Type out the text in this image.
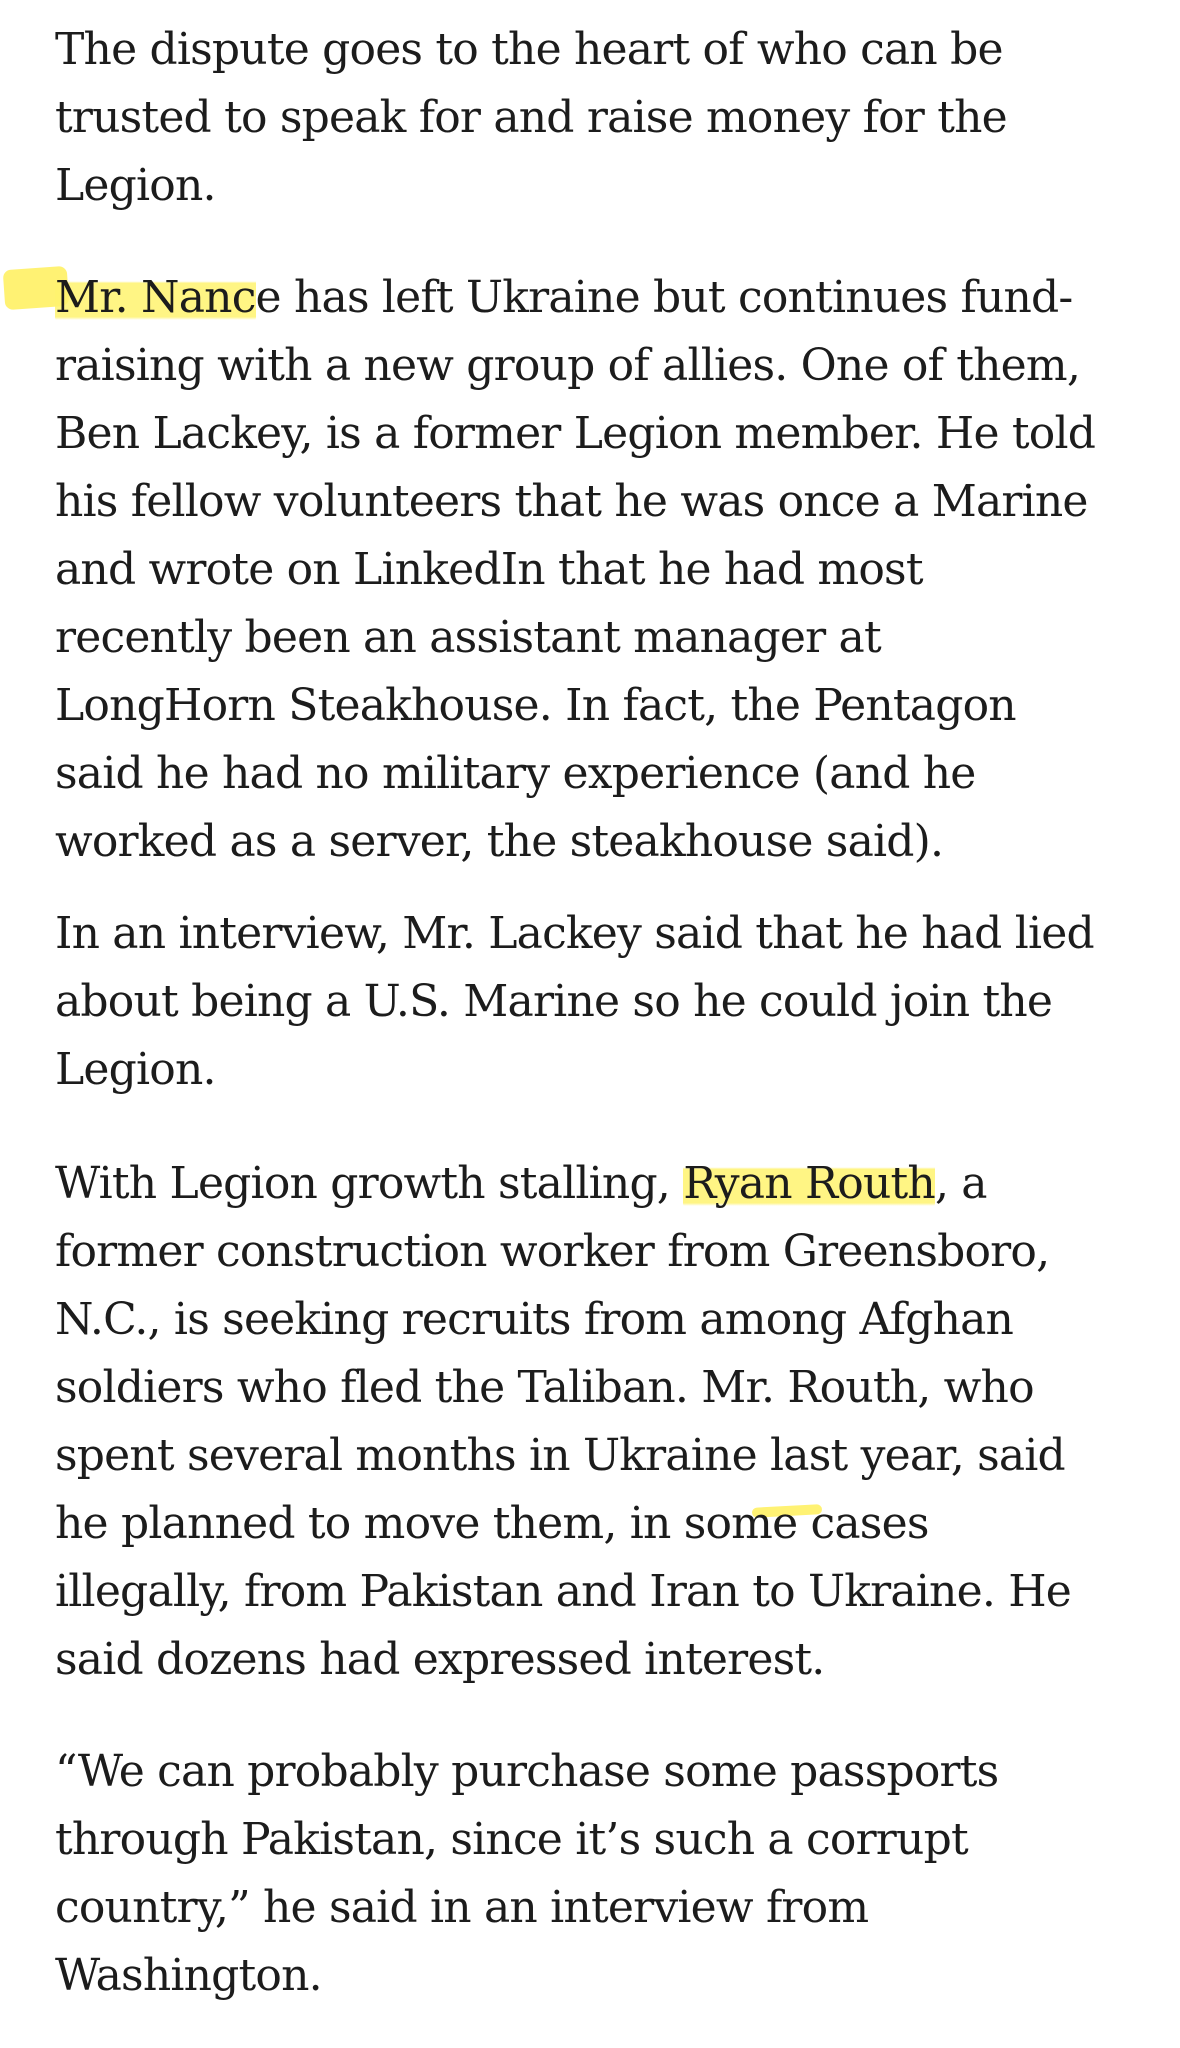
The dispute goes to the heart of who can be
trusted to speak for and raise money for the
Legion.

Mr. Nance has left Ukraine but continues fund-
raising with a new group of allies. One of them,
Ben Lackey, is a former Legion member. He told
his fellow volunteers that he was once a Marine
and wrote on LinkedIn that he had most
recently been an assistant manager at
LongHorn Steakhouse. In fact, the Pentagon
said he had no military experience (and he
worked as a server, the steakhouse said).

In an interview, Mr. Lackey said that he had lied
about being a U.S. Marine so he could join the
Legion.

With Legion growth stalling, Ryan Routh, a
former construction worker from Greensboro,
N.C., is seeking recruits from among Afghan
soldiers who fled the Taliban. Mr. Routh, who
spent several months in Ukraine last year, said
he planned to move them, in some cases
illegally, from Pakistan and Iran to Ukraine. He
said dozens had expressed interest.

“We can probably purchase some passports
through Pakistan, since it’s such a corrupt
country,” he said in an interview from
Washington.
